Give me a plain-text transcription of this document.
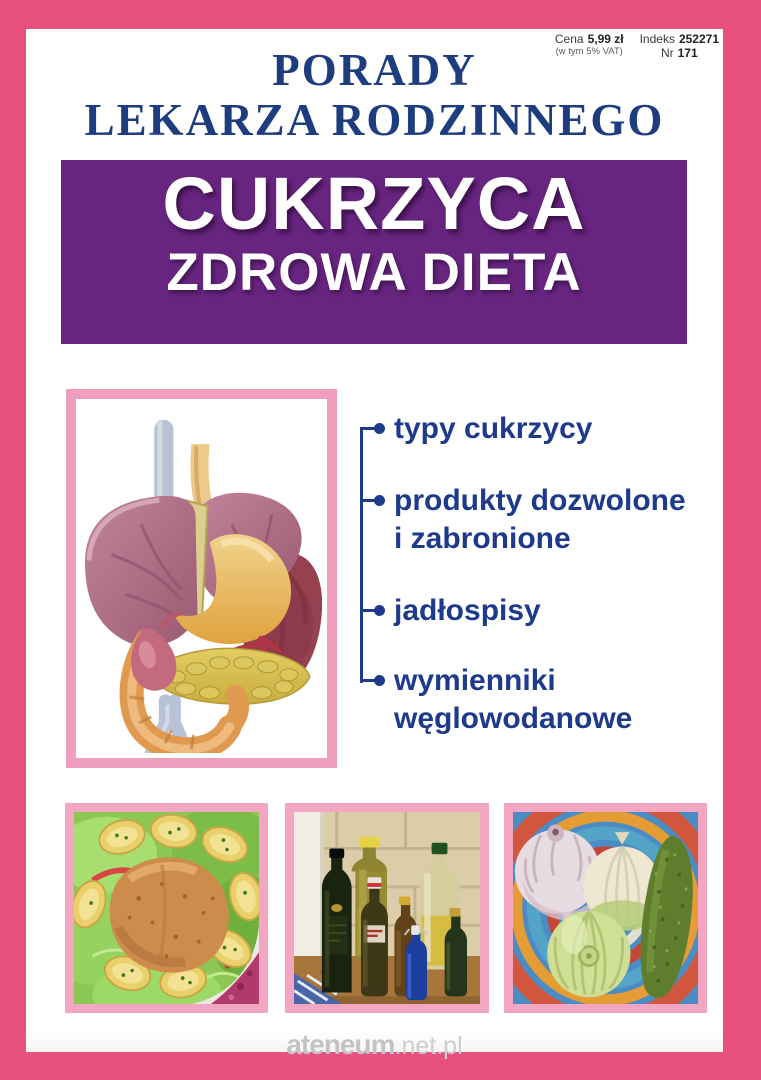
Cena 5,99 zł
(w tym 5% VAT)
Indeks 252271
Nr 171
PORADY
LEKARZA RODZINNEGO
CUKRZYCA
ZDROWA DIETA
typy cukrzycy
produkty dozwolone
i zabronione
jadłospisy
wymienniki
węglowodanowe
ateneum.net.pl
